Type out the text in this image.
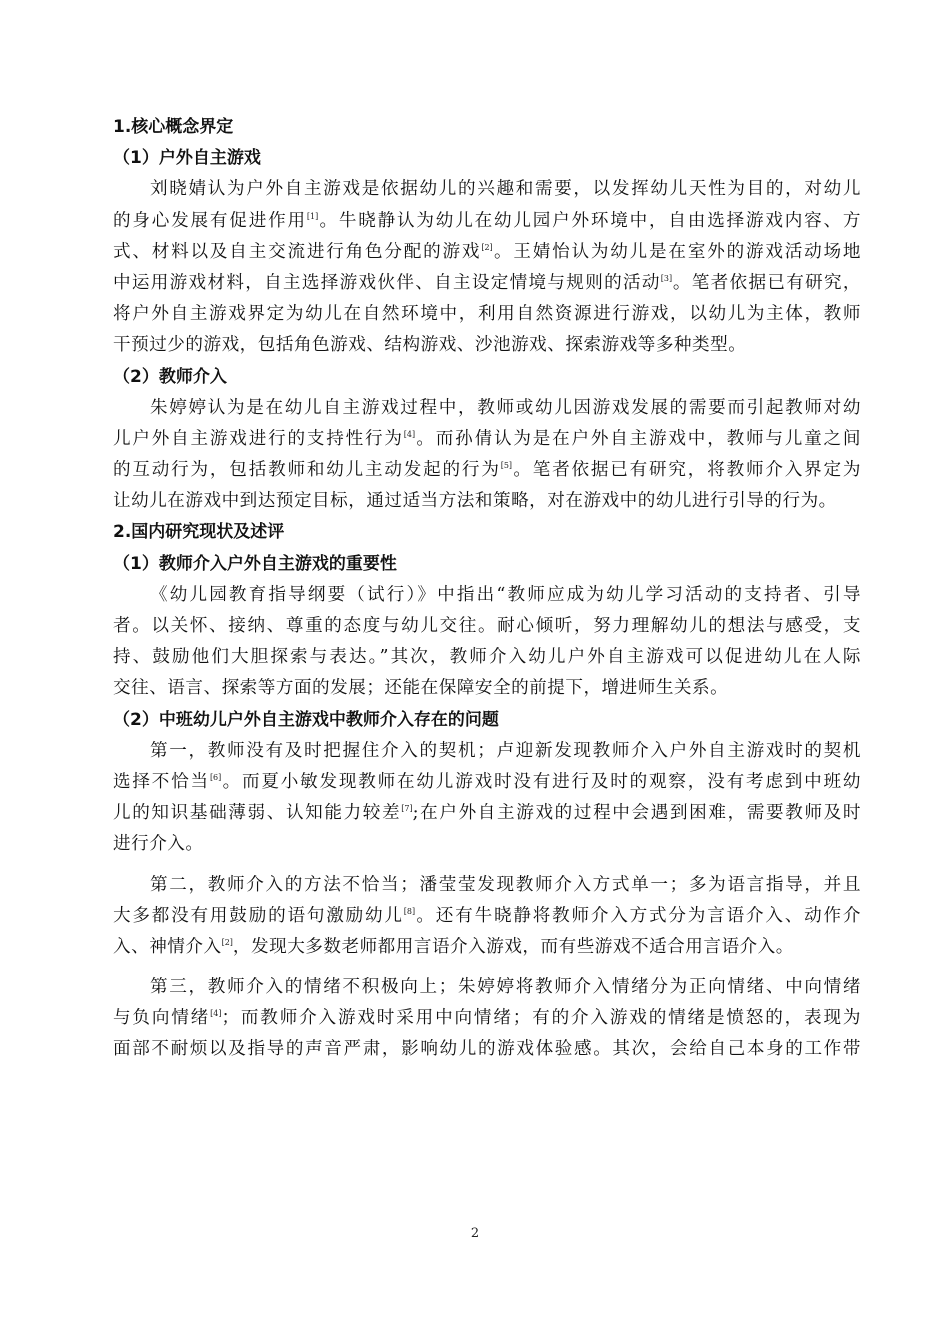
1.核心概念界定
（1）户外自主游戏
刘晓婧认为户外自主游戏是依据幼儿的兴趣和需要，以发挥幼儿天性为目的，对幼儿
的身心发展有促进作用[1]。牛晓静认为幼儿在幼儿园户外环境中，自由选择游戏内容、方
式、材料以及自主交流进行角色分配的游戏[2]。王婧怡认为幼儿是在室外的游戏活动场地
中运用游戏材料，自主选择游戏伙伴、自主设定情境与规则的活动[3]。笔者依据已有研究，
将户外自主游戏界定为幼儿在自然环境中，利用自然资源进行游戏，以幼儿为主体，教师
干预过少的游戏，包括角色游戏、结构游戏、沙池游戏、探索游戏等多种类型。
（2）教师介入
朱婷婷认为是在幼儿自主游戏过程中，教师或幼儿因游戏发展的需要而引起教师对幼
儿户外自主游戏进行的支持性行为[4]。而孙倩认为是在户外自主游戏中，教师与儿童之间
的互动行为，包括教师和幼儿主动发起的行为[5]。笔者依据已有研究，将教师介入界定为
让幼儿在游戏中到达预定目标，通过适当方法和策略，对在游戏中的幼儿进行引导的行为。
2.国内研究现状及述评
（1）教师介入户外自主游戏的重要性
《幼儿园教育指导纲要（试行）》中指出“教师应成为幼儿学习活动的支持者、引导
者。以关怀、接纳、尊重的态度与幼儿交往。耐心倾听，努力理解幼儿的想法与感受，支
持、鼓励他们大胆探索与表达。”其次，教师介入幼儿户外自主游戏可以促进幼儿在人际
交往、语言、探索等方面的发展；还能在保障安全的前提下，增进师生关系。
（2）中班幼儿户外自主游戏中教师介入存在的问题
第一，教师没有及时把握住介入的契机；卢迎新发现教师介入户外自主游戏时的契机
选择不恰当[6]。而夏小敏发现教师在幼儿游戏时没有进行及时的观察，没有考虑到中班幼
儿的知识基础薄弱、认知能力较差[7];在户外自主游戏的过程中会遇到困难，需要教师及时
进行介入。
第二，教师介入的方法不恰当；潘莹莹发现教师介入方式单一；多为语言指导，并且
大多都没有用鼓励的语句激励幼儿[8]。还有牛晓静将教师介入方式分为言语介入、动作介
入、神情介入[2]，发现大多数老师都用言语介入游戏，而有些游戏不适合用言语介入。
第三，教师介入的情绪不积极向上；朱婷婷将教师介入情绪分为正向情绪、中向情绪
与负向情绪[4]；而教师介入游戏时采用中向情绪；有的介入游戏的情绪是愤怒的，表现为
面部不耐烦以及指导的声音严肃，影响幼儿的游戏体验感。其次，会给自己本身的工作带
2
